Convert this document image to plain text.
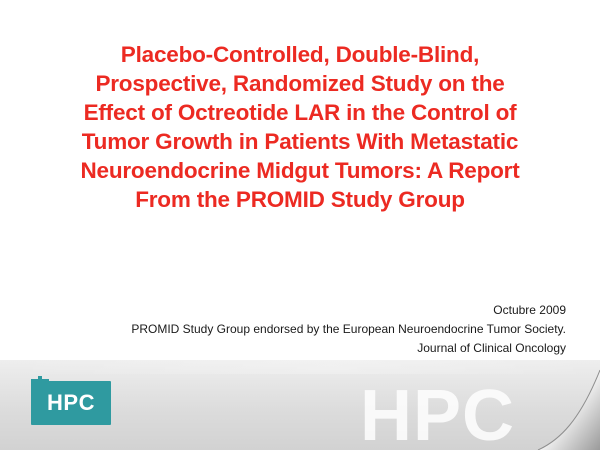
Placebo-Controlled, Double-Blind,
Prospective, Randomized Study on the
Effect of Octreotide LAR in the Control of
Tumor Growth in Patients With Metastatic
Neuroendocrine Midgut Tumors: A Report
From the PROMID Study Group
Octubre 2009
PROMID Study Group endorsed by the European Neuroendocrine Tumor Society.
Journal of Clinical Oncology
HPC	HPC
